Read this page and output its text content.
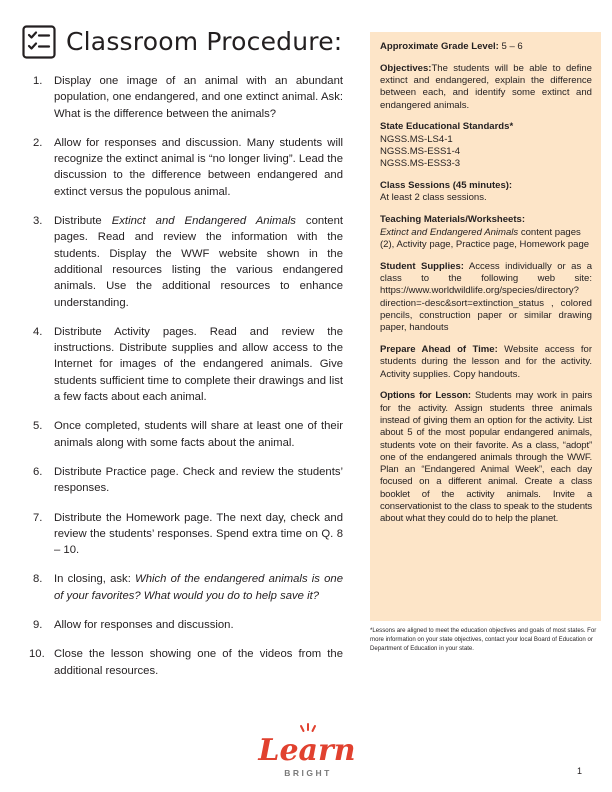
Classroom Procedure:
1.	Display one image of an animal with an abundant population, one endangered, and one extinct animal. Ask: What is the difference between the animals?
2.	Allow for responses and discussion. Many students will recognize the extinct animal is “no longer living”. Lead the discussion to the difference between endangered and extinct versus the populous animal.
3.	Distribute Extinct and Endangered Animals content pages. Read and review the information with the students. Display the WWF website shown in the additional resources listing the various endangered animals. Use the additional resources to enhance understanding.
4.	Distribute Activity pages. Read and review the instructions. Distribute supplies and allow access to the Internet for images of the endangered animals. Give students sufficient time to complete their drawings and list a few facts about each animal.
5.	Once completed, students will share at least one of their animals along with some facts about the animal.
6.	Distribute Practice page. Check and review the students’ responses.
7.	Distribute the Homework page. The next day, check and review the students’ responses. Spend extra time on Q. 8 – 10.
8.	In closing, ask: Which of the endangered animals is one of your favorites? What would you do to help save it?
9.	Allow for responses and discussion.
10. Close the lesson showing one of the videos from the additional resources.
Approximate Grade Level: 5 – 6
Objectives:The students will be able to define extinct and endangered, explain the difference between each, and identify some extinct and endangered animals.
State Educational Standards*
NGSS.MS-LS4-1
NGSS.MS-ESS1-4
NGSS.MS-ESS3-3
Class Sessions (45 minutes):
At least 2 class sessions.
Teaching Materials/Worksheets:
Extinct and Endangered Animals content pages (2), Activity page, Practice page, Homework page
Student Supplies: Access individually or as a class to the following web site: https://www.worldwildlife.org/species/directory?direction=-desc&sort=extinction_status , colored pencils, construction paper or similar drawing paper, handouts
Prepare Ahead of Time: Website access for students during the lesson and for the activity. Activity supplies. Copy handouts.
Options for Lesson: Students may work in pairs for the activity. Assign students three animals instead of giving them an option for the activity. List about 5 of the most popular endangered animals, students vote on their favorite. As a class, “adopt” one of the endangered animals through the WWF. Plan an “Endangered Animal Week”, each day focused on a different animal. Create a class booklet of the activity animals. Invite a conservationist to the class to speak to the students about what they could do to help the planet.

*Lessons are aligned to meet the education objectives and goals of most states. For more information on your state objectives, contact your local Board of Education or Department of Education in your state.

Learn
BRIGHT	1
